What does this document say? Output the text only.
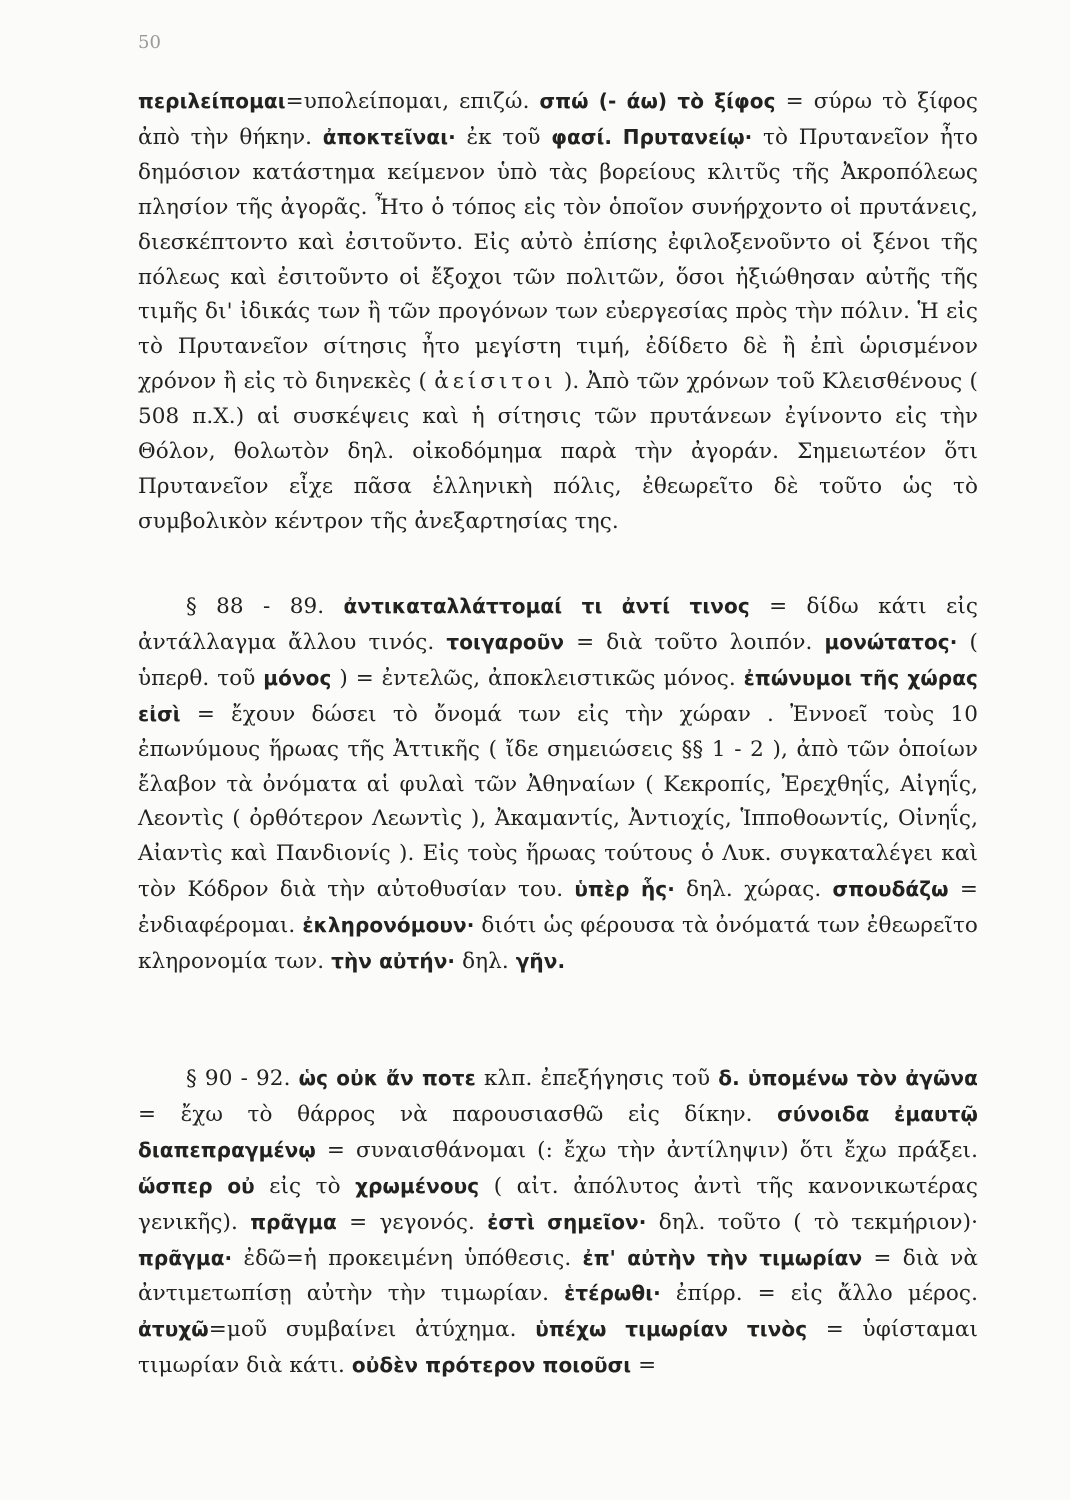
50

περιλείπομαι=υπολείπομαι, επιζώ. σπώ (- άω) τὸ ξίφος = σύρω τὸ ξίφος ἀπὸ τὴν θήκην. ἀποκτεῖναι· ἐκ τοῦ φασί. Πρυτανείῳ· τὸ Πρυτανεῖον ἦτο δημόσιον κατάστημα κείμενον ὑπὸ τὰς βορείους κλιτῦς τῆς Ἀκροπόλεως πλησίον τῆς ἀγορᾶς. Ἦτο ὁ τόπος εἰς τὸν ὁποῖον συνήρχοντο οἱ πρυτάνεις, διεσκέπτοντο καὶ ἐσιτοῦντο. Εἰς αὐτὸ ἐπίσης ἐφιλοξενοῦντο οἱ ξένοι τῆς πόλεως καὶ ἐσιτοῦντο οἱ ἔξοχοι τῶν πολιτῶν, ὅσοι ἠξιώθησαν αὐτῆς τῆς τιμῆς δι' ἰδικάς των ἢ τῶν προγόνων των εὐεργεσίας πρὸς τὴν πόλιν. Ἡ εἰς τὸ Πρυτανεῖον σίτησις ἦτο μεγίστη τιμή, ἐδίδετο δὲ ἢ ἐπὶ ὡρισμένον χρόνον ἢ εἰς τὸ διηνεκὲς ( ἀείσιτοι ). Ἀπὸ τῶν χρόνων τοῦ Κλεισθένους ( 508 π.Χ.) αἱ συσκέψεις καὶ ἡ σίτησις τῶν πρυτάνεων ἐγίνοντο εἰς τὴν Θόλον, θολωτὸν δηλ. οἰκοδόμημα παρὰ τὴν ἀγοράν. Σημειωτέον ὅτι Πρυτανεῖον εἶχε πᾶσα ἑλληνικὴ πόλις, ἐθεωρεῖτο δὲ τοῦτο ὡς τὸ συμβολικὸν κέντρον τῆς ἀνεξαρτησίας της.

§ 88 - 89. ἀντικαταλλάττομαί τι ἀντί τινος = δίδω κάτι εἰς ἀντάλλαγμα ἄλλου τινός. τοιγαροῦν = διὰ τοῦτο λοιπόν. μονώτατος· ( ὑπερθ. τοῦ μόνος ) = ἐντελῶς, ἀποκλειστικῶς μόνος. ἐπώνυμοι τῆς χώρας εἰσὶ = ἔχουν δώσει τὸ ὄνομά των εἰς τὴν χώραν . Ἐννοεῖ τοὺς 10 ἐπωνύμους ἥρωας τῆς Ἀττικῆς ( ἴδε σημειώσεις §§ 1 - 2 ), ἀπὸ τῶν ὁποίων ἔλαβον τὰ ὀνόματα αἱ φυλαὶ τῶν Ἀθηναίων ( Κεκροπίς, Ἐρεχθηΐς, Αἰγηΐς, Λεοντὶς ( ὀρθότερον Λεωντὶς ), Ἀκαμαντίς, Ἀντιοχίς, Ἱπποθοωντίς, Οἰνηΐς, Αἰαντὶς καὶ Πανδιονίς ). Εἰς τοὺς ἥρωας τούτους ὁ Λυκ. συγκαταλέγει καὶ τὸν Κόδρον διὰ τὴν αὐτοθυσίαν του. ὑπὲρ ἧς· δηλ. χώρας. σπουδάζω = ἐνδιαφέρομαι. ἐκληρονόμουν· διότι ὡς φέρουσα τὰ ὀνόματά των ἐθεωρεῖτο κληρονομία των. τὴν αὐτήν· δηλ. γῆν.

§ 90 - 92. ὡς οὐκ ἄν ποτε κλπ. ἐπεξήγησις τοῦ δ. ὑπομένω τὸν ἀγῶνα = ἔχω τὸ θάρρος νὰ παρουσιασθῶ εἰς δίκην. σύνοιδα ἐμαυτῷ διαπεπραγμένῳ = συναισθάνομαι (: ἔχω τὴν ἀντίληψιν) ὅτι ἔχω πράξει. ὥσπερ οὐ εἰς τὸ χρωμένους ( αἰτ. ἀπόλυτος ἀντὶ τῆς κανονικωτέρας γενικῆς). πρᾶγμα = γεγονός. ἐστὶ σημεῖον· δηλ. τοῦτο ( τὸ τεκμήριον)· πρᾶγμα· ἐδῶ=ἡ προκειμένη ὑπόθεσις. ἐπ' αὐτὴν τὴν τιμωρίαν = διὰ νὰ ἀντιμετωπίσῃ αὐτὴν τὴν τιμωρίαν. ἑτέρωθι· ἐπίρρ. = εἰς ἄλλο μέρος. ἀτυχῶ=μοῦ συμβαίνει ἀτύχημα. ὑπέχω τιμωρίαν τινὸς = ὑφίσταμαι τιμωρίαν διὰ κάτι. οὐδὲν πρότερον ποιοῦσι =
